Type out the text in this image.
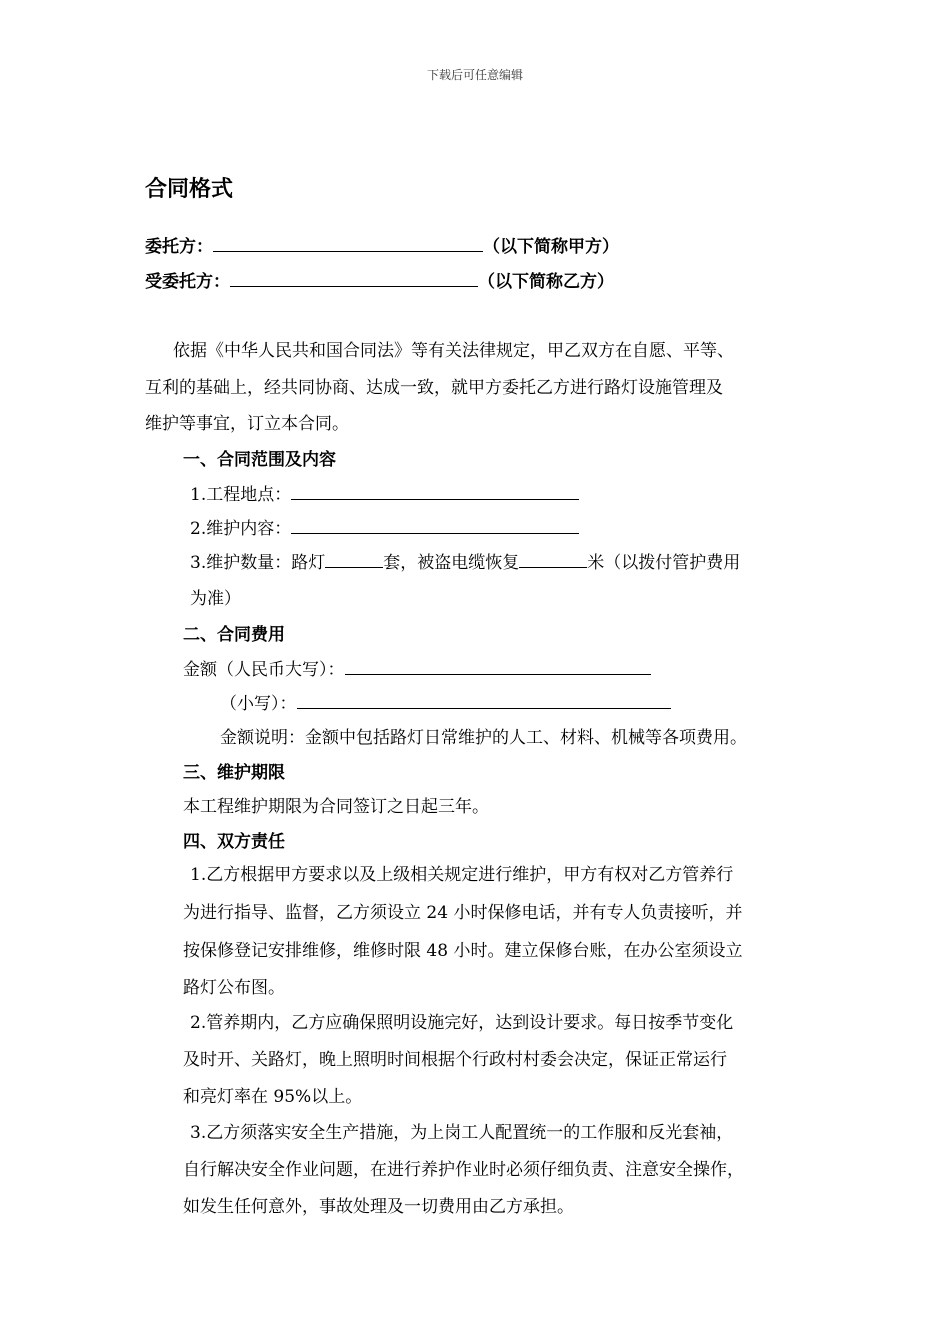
下载后可任意编辑
合同格式
委托方：	（以下简称甲方）
受委托方：	（以下简称乙方）
依据《中华人民共和国合同法》等有关法律规定，甲乙双方在自愿、平等、
互利的基础上，经共同协商、达成一致，就甲方委托乙方进行路灯设施管理及
维护等事宜，订立本合同。
一、合同范围及内容
1.工程地点：
2.维护内容：
3.维护数量：路灯	套，被盗电缆恢复	米（以拨付管护费用
为准）
二、合同费用
金额（人民币大写）：
（小写）：
金额说明：金额中包括路灯日常维护的人工、材料、机械等各项费用。
三、维护期限
本工程维护期限为合同签订之日起三年。
四、双方责任
1.乙方根据甲方要求以及上级相关规定进行维护，甲方有权对乙方管养行
为进行指导、监督，乙方须设立 24 小时保修电话，并有专人负责接听，并
按保修登记安排维修，维修时限 48 小时。建立保修台账，在办公室须设立
路灯公布图。
2.管养期内，乙方应确保照明设施完好，达到设计要求。每日按季节变化
及时开、关路灯，晚上照明时间根据个行政村村委会决定，保证正常运行
和亮灯率在 95%以上。
3.乙方须落实安全生产措施，为上岗工人配置统一的工作服和反光套袖，
自行解决安全作业问题，在进行养护作业时必须仔细负责、注意安全操作，
如发生任何意外，事故处理及一切费用由乙方承担。
